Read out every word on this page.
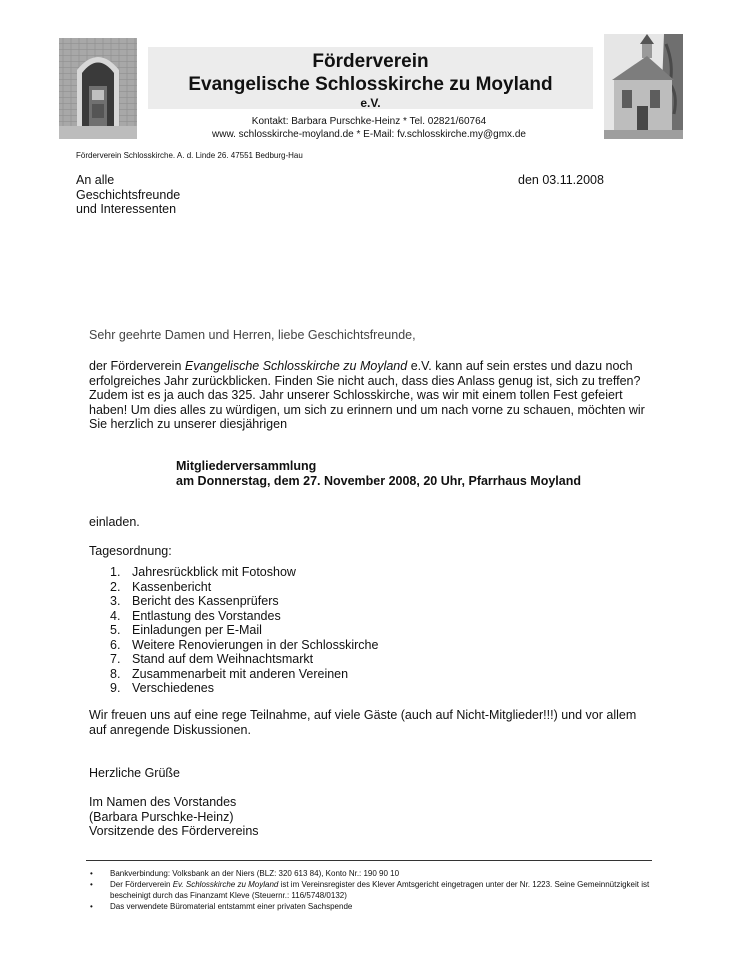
Förderverein
Evangelische Schlosskirche zu Moyland
e.V.
Kontakt: Barbara Purschke-Heinz * Tel. 02821/60764
www. schlosskirche-moyland.de * E-Mail: fv.schlosskirche.my@gmx.de
Förderverein Schlosskirche. A. d. Linde 26. 47551 Bedburg-Hau
An alle
Geschichtsfreunde
und Interessenten
den 03.11.2008
Sehr geehrte Damen und Herren, liebe Geschichtsfreunde,
der Förderverein Evangelische Schlosskirche zu Moyland e.V. kann auf sein erstes und dazu noch erfolgreiches Jahr zurückblicken. Finden Sie nicht auch, dass dies Anlass genug ist, sich zu treffen? Zudem ist es ja auch das 325. Jahr unserer Schlosskirche, was wir mit einem tollen Fest gefeiert haben! Um dies alles zu würdigen, um sich zu erinnern und um nach vorne zu schauen, möchten wir Sie herzlich zu unserer diesjährigen
Mitgliederversammlung
am Donnerstag, dem 27. November 2008, 20 Uhr, Pfarrhaus Moyland
einladen.
Tagesordnung:
1. Jahresrückblick mit Fotoshow
2. Kassenbericht
3. Bericht des Kassenprüfers
4. Entlastung des Vorstandes
5. Einladungen per E-Mail
6. Weitere Renovierungen in der Schlosskirche
7. Stand auf dem Weihnachtsmarkt
8. Zusammenarbeit mit anderen Vereinen
9. Verschiedenes
Wir freuen uns auf eine rege Teilnahme, auf viele Gäste (auch auf Nicht-Mitglieder!!!) und vor allem auf anregende Diskussionen.
Herzliche Grüße
Im Namen des Vorstandes
(Barbara Purschke-Heinz)
Vorsitzende des Fördervereins
• Bankverbindung: Volksbank an der Niers (BLZ: 320 613 84), Konto Nr.: 190 90 10
• Der Förderverein Ev. Schlosskirche zu Moyland ist im Vereinsregister des Klever Amtsgericht eingetragen unter der Nr. 1223. Seine Gemeinnützigkeit ist bescheinigt durch das Finanzamt Kleve (Steuernr.: 116/5748/0132)
• Das verwendete Büromaterial entstammt einer privaten Sachspende
